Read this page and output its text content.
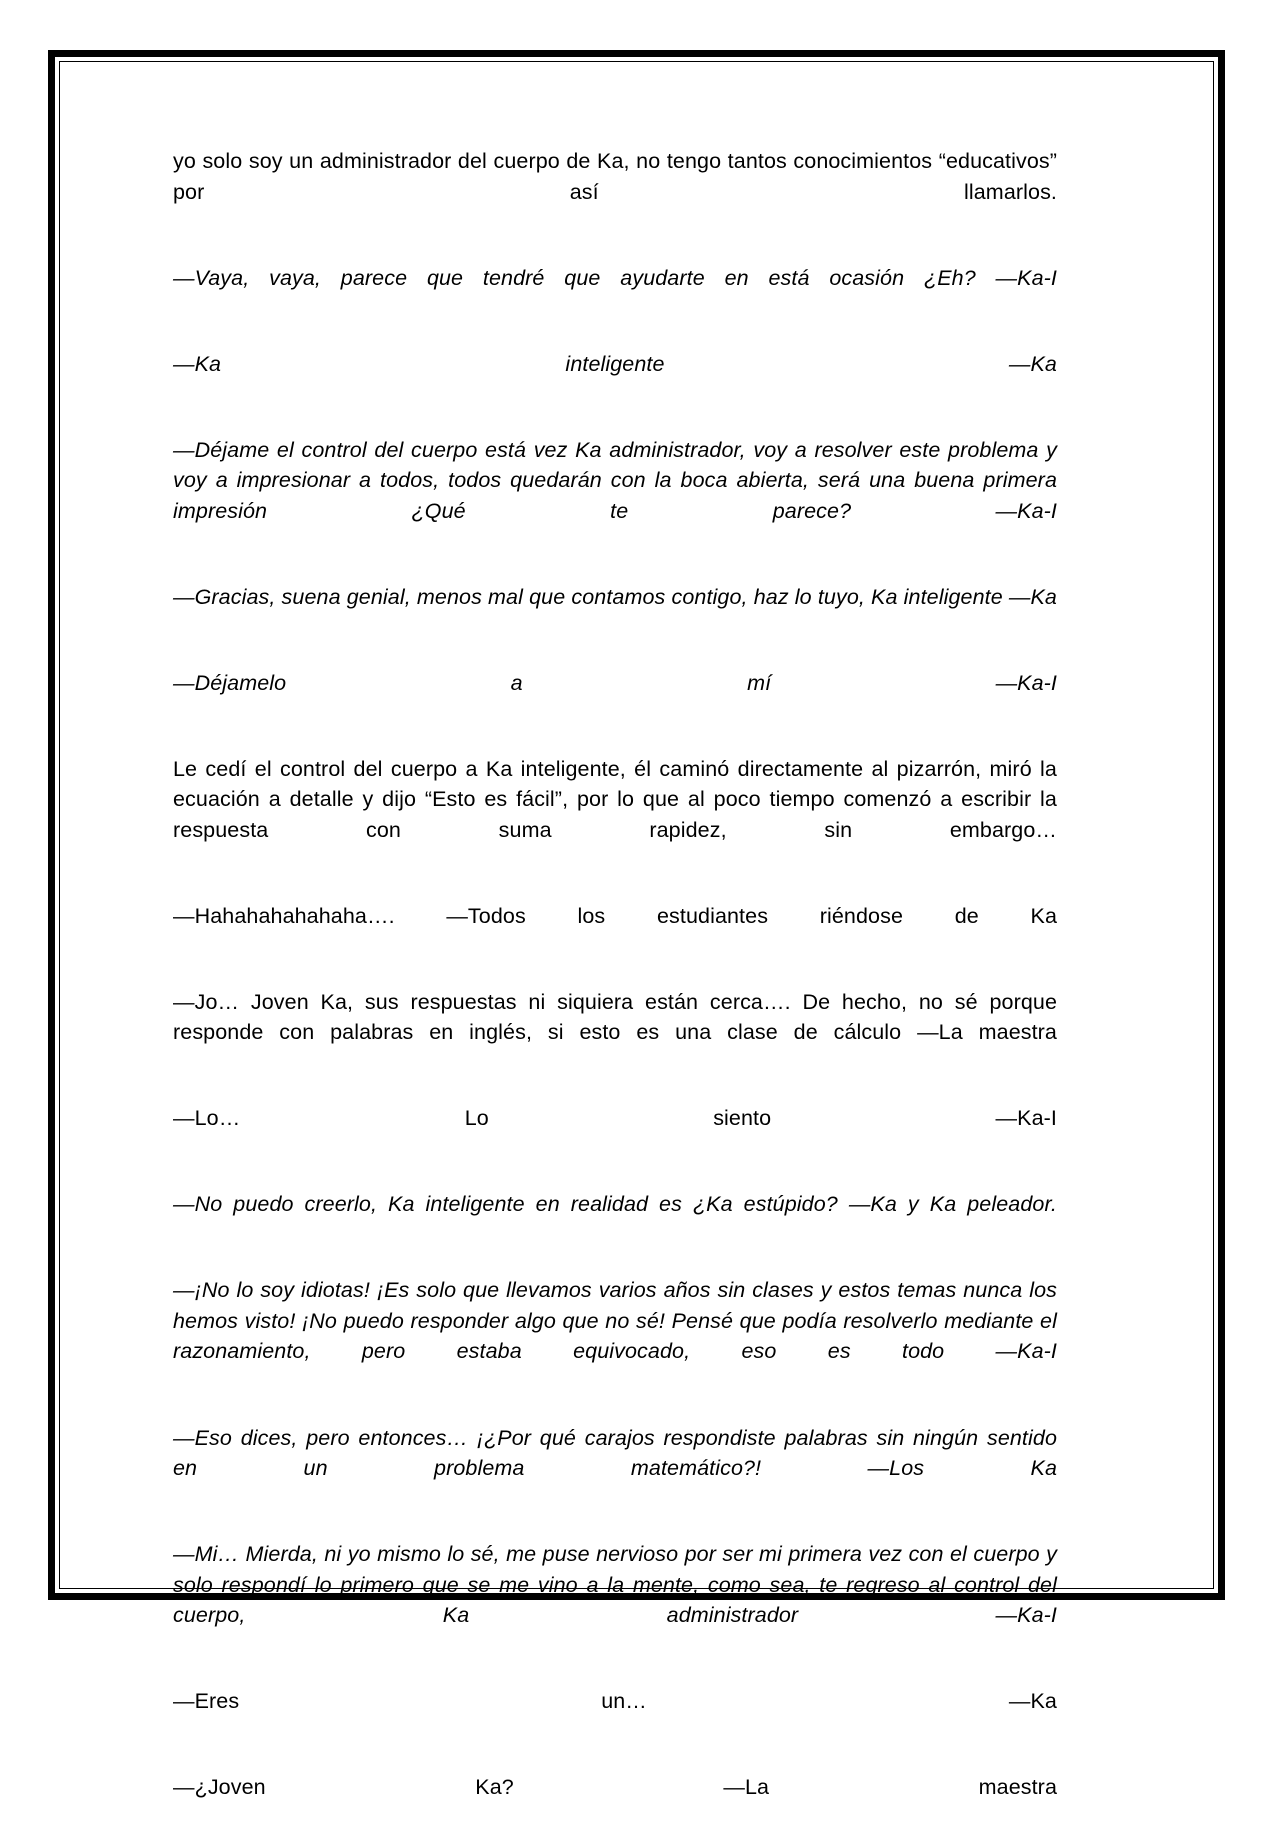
yo solo soy un administrador del cuerpo de Ka, no tengo tantos conocimientos “educativos” por así llamarlos.

—Vaya, vaya, parece que tendré que ayudarte en está ocasión ¿Eh? —Ka-I

—Ka inteligente —Ka

—Déjame el control del cuerpo está vez Ka administrador, voy a resolver este problema y voy a impresionar a todos, todos quedarán con la boca abierta, será una buena primera impresión ¿Qué te parece? —Ka-I

—Gracias, suena genial, menos mal que contamos contigo, haz lo tuyo, Ka inteligente —Ka

—Déjamelo a mí —Ka-I

Le cedí el control del cuerpo a Ka inteligente, él caminó directamente al pizarrón, miró la ecuación a detalle y dijo “Esto es fácil”, por lo que al poco tiempo comenzó a escribir la respuesta con suma rapidez, sin embargo…

—Hahahahahahaha…. —Todos los estudiantes riéndose de Ka

—Jo… Joven Ka, sus respuestas ni siquiera están cerca…. De hecho, no sé porque responde con palabras en inglés, si esto es una clase de cálculo —La maestra

—Lo… Lo siento —Ka-I

—No puedo creerlo, Ka inteligente en realidad es ¿Ka estúpido? —Ka y Ka peleador.

—¡No lo soy idiotas! ¡Es solo que llevamos varios años sin clases y estos temas nunca los hemos visto! ¡No puedo responder algo que no sé! Pensé que podía resolverlo mediante el razonamiento, pero estaba equivocado, eso es todo —Ka-I

—Eso dices, pero entonces… ¡¿Por qué carajos respondiste palabras sin ningún sentido en un problema matemático?! —Los Ka

—Mi… Mierda, ni yo mismo lo sé, me puse nervioso por ser mi primera vez con el cuerpo y solo respondí lo primero que se me vino a la mente, como sea, te regreso al control del cuerpo, Ka administrador —Ka-I

—Eres un… —Ka

—¿Joven Ka? —La maestra
